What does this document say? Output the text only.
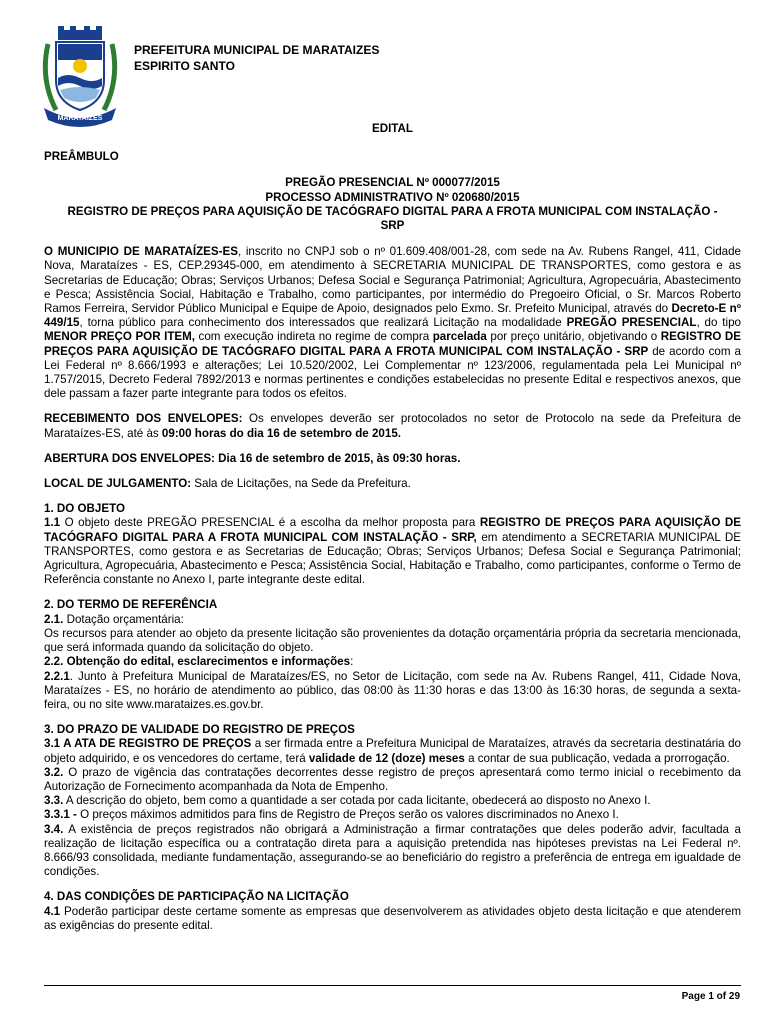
MARATAÍZES
PREFEITURA MUNICIPAL DE MARATAIZES
ESPIRITO SANTO

EDITAL

PREÂMBULO

PREGÃO PRESENCIAL Nº 000077/2015

PROCESSO ADMINISTRATIVO Nº 020680/2015

REGISTRO DE PREÇOS PARA AQUISIÇÃO DE TACÓGRAFO DIGITAL PARA A FROTA MUNICIPAL COM INSTALAÇÃO - SRP

O MUNICIPIO DE MARATAÍZES-ES, inscrito no CNPJ sob o nº 01.609.408/001-28, com sede na Av. Rubens Rangel, 411, Cidade Nova, Marataízes - ES, CEP.29345-000, em atendimento à SECRETARIA MUNICIPAL DE TRANSPORTES, como gestora e as Secretarias de Educação; Obras; Serviços Urbanos; Defesa Social e Segurança Patrimonial; Agricultura, Agropecuária, Abastecimento e Pesca; Assistência Social, Habitação e Trabalho, como participantes, por intermédio do Pregoeiro Oficial, o Sr. Marcos Roberto Ramos Ferreira, Servidor Público Municipal e Equipe de Apoio, designados pelo Exmo. Sr. Prefeito Municipal, através do Decreto-E nº 449/15, torna público para conhecimento dos interessados que realizará Licitação na modalidade PREGÃO PRESENCIAL, do tipo MENOR PREÇO POR ITEM, com execução indireta no regime de compra parcelada por preço unitário, objetivando o REGISTRO DE PREÇOS PARA AQUISIÇÃO DE TACÓGRAFO DIGITAL PARA A FROTA MUNICIPAL COM INSTALAÇÃO - SRP de acordo com a Lei Federal nº 8.666/1993 e alterações; Lei 10.520/2002, Lei Complementar nº 123/2006, regulamentada pela Lei Municipal nº 1.757/2015, Decreto Federal 7892/2013 e normas pertinentes e condições estabelecidas no presente Edital e respectivos anexos, que dele passam a fazer parte integrante para todos os efeitos.

RECEBIMENTO DOS ENVELOPES: Os envelopes deverão ser protocolados no setor de Protocolo na sede da Prefeitura de Marataízes-ES, até às 09:00 horas do dia 16 de setembro de 2015.

ABERTURA DOS ENVELOPES: Dia 16 de setembro de 2015, às 09:30 horas.

LOCAL DE JULGAMENTO: Sala de Licitações, na Sede da Prefeitura.

1. DO OBJETO

1.1 O objeto deste PREGÃO PRESENCIAL é a escolha da melhor proposta para REGISTRO DE PREÇOS PARA AQUISIÇÃO DE TACÓGRAFO DIGITAL PARA A FROTA MUNICIPAL COM INSTALAÇÃO - SRP, em atendimento a SECRETARIA MUNICIPAL DE TRANSPORTES, como gestora e as Secretarias de Educação; Obras; Serviços Urbanos; Defesa Social e Segurança Patrimonial; Agricultura, Agropecuária, Abastecimento e Pesca; Assistência Social, Habitação e Trabalho, como participantes, conforme o Termo de Referência constante no Anexo I, parte integrante deste edital.

2. DO TERMO DE REFERÊNCIA

2.1. Dotação orçamentária:

Os recursos para atender ao objeto da presente licitação são provenientes da dotação orçamentária própria da secretaria mencionada, que será informada quando da solicitação do objeto.

2.2. Obtenção do edital, esclarecimentos e informações:

2.2.1. Junto à Prefeitura Municipal de Marataízes/ES, no Setor de Licitação, com sede na Av. Rubens Rangel, 411, Cidade Nova, Marataízes - ES, no horário de atendimento ao público, das 08:00 às 11:30 horas e das 13:00 às 16:30 horas, de segunda a sexta-feira, ou no site www.marataizes.es.gov.br.

3. DO PRAZO DE VALIDADE DO REGISTRO DE PREÇOS

3.1 A ATA DE REGISTRO DE PREÇOS a ser firmada entre a Prefeitura Municipal de Marataízes, através da secretaria destinatária do objeto adquirido, e os vencedores do certame, terá validade de 12 (doze) meses a contar de sua publicação, vedada a prorrogação.

3.2. O prazo de vigência das contratações decorrentes desse registro de preços apresentará como termo inicial o recebimento da Autorização de Fornecimento acompanhada da Nota de Empenho.

3.3. A descrição do objeto, bem como a quantidade a ser cotada por cada licitante, obedecerá ao disposto no Anexo I.

3.3.1 - O preços máximos admitidos para fins de Registro de Preços serão os valores discriminados no Anexo I.

3.4. A existência de preços registrados não obrigará a Administração a firmar contratações que deles poderão advir, facultada a realização de licitação específica ou a contratação direta para a aquisição pretendida nas hipóteses previstas na Lei Federal nº. 8.666/93 consolidada, mediante fundamentação, assegurando-se ao beneficiário do registro a preferência de entrega em igualdade de condições.

4. DAS CONDIÇÕES DE PARTICIPAÇÃO NA LICITAÇÃO

4.1 Poderão participar deste certame somente as empresas que desenvolverem as atividades objeto desta licitação e que atenderem as exigências do presente edital.

Page 1 of 29
